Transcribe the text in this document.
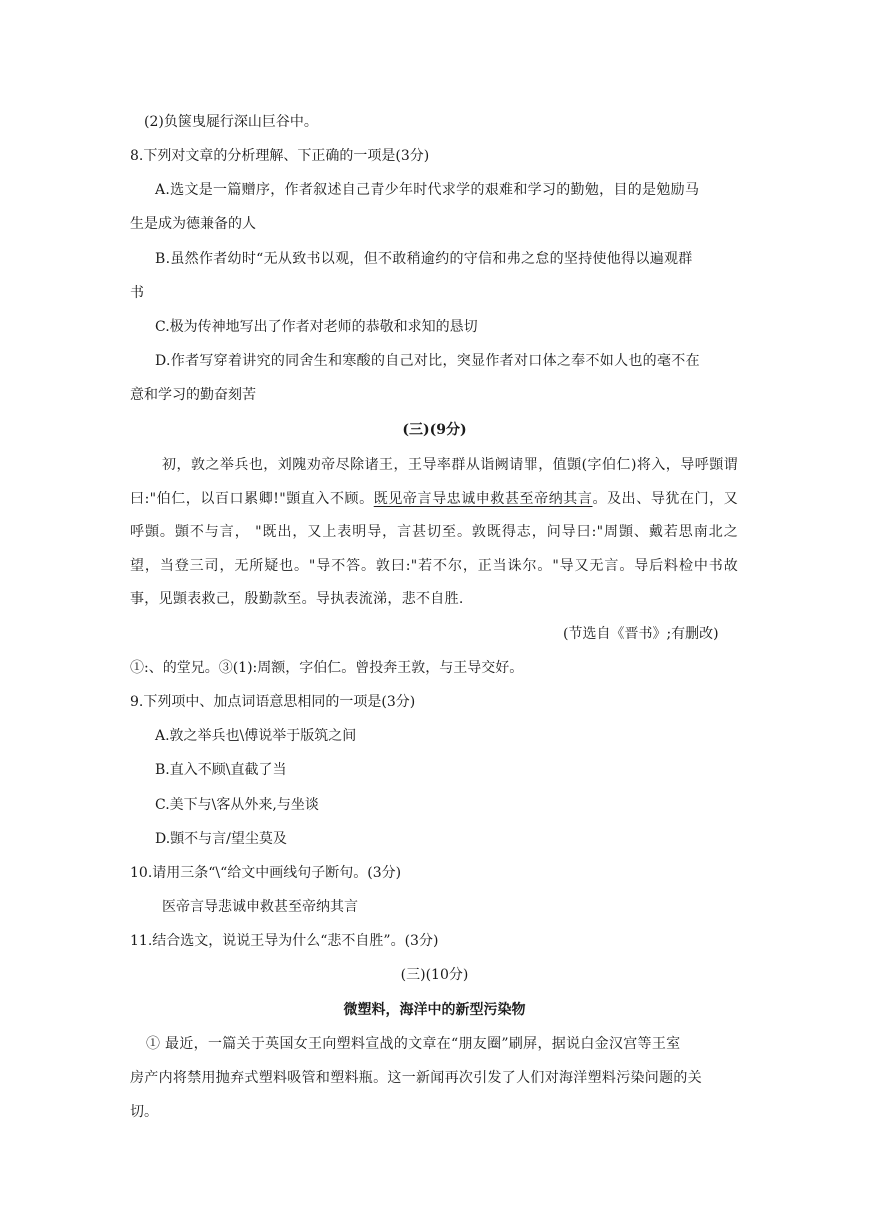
(2)负箧曳屣行深山巨谷中。
8.下列对文章的分析理解、下正确的一项是(3分)
A.选文是一篇赠序，作者叙述自己青少年时代求学的艰难和学习的勤勉，目的是勉励马
生是成为德兼备的人
B.虽然作者幼时“无从致书以观，但不敢稍逾约的守信和弗之怠的坚持使他得以遍观群
书
C.极为传神地写出了作者对老师的恭敬和求知的恳切
D.作者写穿着讲究的同舍生和寒酸的自己对比，突显作者对口体之奉不如人也的毫不在
意和学习的勤奋刻苦
(三)(9分)
初，敦之举兵也，刘隗劝帝尽除诸王，王导率群从诣阙请罪，值顗(字伯仁)将入，导呼顗谓曰:"伯仁，以百口累卿!"顗直入不顾。既见帝言导忠诚申救甚至帝纳其言。及出、导犹在门，又呼顗。顗不与言， "既出，又上表明导，言甚切至。敦既得志，问导曰:"周顗、戴若思南北之望，当登三司，无所疑也。"导不答。敦曰:"若不尔，正当诛尔。"导又无言。导后料检中书故事，见顗表救己，殷勤款至。导执表流涕，悲不自胜.
(节选自《晋书》;有删改)
①:、的堂兄。③(1):周额，字伯仁。曾投奔王敦，与王导交好。
9.下列项中、加点词语意思相同的一项是(3分)
A.敦之举兵也\傅说举于版筑之间
B.直入不顾\直截了当
C.美下与\客从外来,与坐谈
D.顗不与言/望尘莫及
10.请用三条“\“给文中画线句子断句。(3分)
医帝言导悲诚申救甚至帝纳其言
11.结合选文，说说王导为什么“悲不自胜”。(3分)
(三)(10分)
微塑料，海洋中的新型污染物
① 最近，一篇关于英国女王向塑料宣战的文章在“朋友圈”刷屏，据说白金汉宫等王室
房产内将禁用抛弃式塑料吸管和塑料瓶。这一新闻再次引发了人们对海洋塑料污染问题的关
切。
